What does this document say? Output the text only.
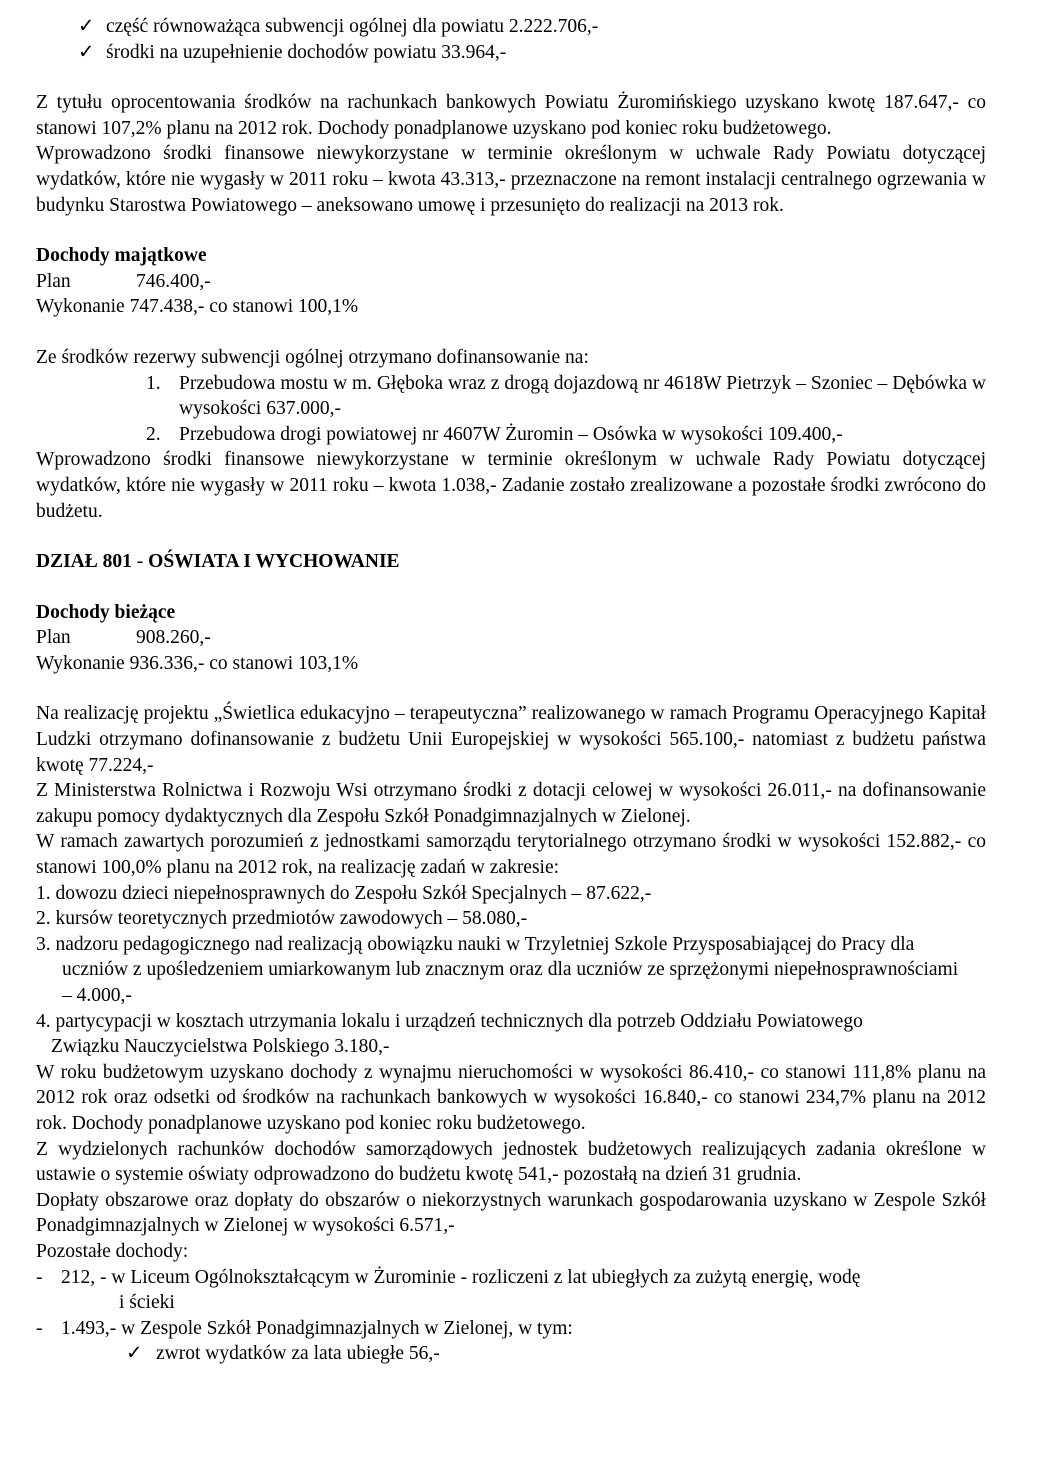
✓ część równoważąca subwencji ogólnej dla powiatu 2.222.706,-
✓ środki na uzupełnienie dochodów powiatu 33.964,-

Z tytułu oprocentowania środków na rachunkach bankowych Powiatu Żuromińskiego uzyskano kwotę 187.647,- co stanowi 107,2% planu na 2012 rok. Dochody ponadplanowe uzyskano pod koniec roku budżetowego.

Wprowadzono środki finansowe niewykorzystane w terminie określonym w uchwale Rady Powiatu dotyczącej wydatków, które nie wygasły w 2011 roku – kwota 43.313,- przeznaczone na remont instalacji centralnego ogrzewania w budynku Starostwa Powiatowego – aneksowano umowę i przesunięto do realizacji na 2013 rok.

Dochody majątkowe

Plan	746.400,-

Wykonanie 747.438,- co stanowi 100,1%

Ze środków rezerwy subwencji ogólnej otrzymano dofinansowanie na:

1. Przebudowa mostu w m. Głęboka wraz z drogą dojazdową nr 4618W Pietrzyk – Szoniec – Dębówka w wysokości 637.000,-
2. Przebudowa drogi powiatowej nr 4607W Żuromin – Osówka w wysokości 109.400,-

Wprowadzono środki finansowe niewykorzystane w terminie określonym w uchwale Rady Powiatu dotyczącej wydatków, które nie wygasły w 2011 roku – kwota 1.038,- Zadanie zostało zrealizowane a pozostałe środki zwrócono do budżetu.

DZIAŁ 801 - OŚWIATA I WYCHOWANIE

Dochody bieżące

Plan	908.260,-

Wykonanie 936.336,- co stanowi 103,1%

Na realizację projektu „Świetlica edukacyjno – terapeutyczna” realizowanego w ramach Programu Operacyjnego Kapitał Ludzki otrzymano dofinansowanie z budżetu Unii Europejskiej w wysokości 565.100,- natomiast z budżetu państwa kwotę 77.224,-

Z Ministerstwa Rolnictwa i Rozwoju Wsi otrzymano środki z dotacji celowej w wysokości 26.011,- na dofinansowanie zakupu pomocy dydaktycznych dla Zespołu Szkół Ponadgimnazjalnych w Zielonej.

W ramach zawartych porozumień z jednostkami samorządu terytorialnego otrzymano środki w wysokości 152.882,- co stanowi 100,0% planu na 2012 rok, na realizację zadań w zakresie:

1. dowozu dzieci niepełnosprawnych do Zespołu Szkół Specjalnych – 87.622,-

2. kursów teoretycznych przedmiotów zawodowych – 58.080,-

3. nadzoru pedagogicznego nad realizacją obowiązku nauki w Trzyletniej Szkole Przysposabiającej do Pracy dla uczniów z upośledzeniem umiarkowanym lub znacznym oraz dla uczniów ze sprzężonymi niepełnosprawnościami – 4.000,-

4. partycypacji w kosztach utrzymania lokalu i urządzeń technicznych dla potrzeb Oddziału Powiatowego Związku Nauczycielstwa Polskiego 3.180,-

W roku budżetowym uzyskano dochody z wynajmu nieruchomości w wysokości 86.410,- co stanowi 111,8% planu na 2012 rok oraz odsetki od środków na rachunkach bankowych w wysokości 16.840,- co stanowi 234,7% planu na 2012 rok. Dochody ponadplanowe uzyskano pod koniec roku budżetowego.

Z wydzielonych rachunków dochodów samorządowych jednostek budżetowych realizujących zadania określone w ustawie o systemie oświaty odprowadzono do budżetu kwotę 541,- pozostałą na dzień 31 grudnia.

Dopłaty obszarowe oraz dopłaty do obszarów o niekorzystnych warunkach gospodarowania uzyskano w Zespole Szkół Ponadgimnazjalnych w Zielonej w wysokości 6.571,-

Pozostałe dochody:

- 212, - w Liceum Ogólnokształcącym w Żurominie - rozliczeni z lat ubiegłych za zużytą energię, wodę
i ścieki
- 1.493,- w Zespole Szkół Ponadgimnazjalnych w Zielonej, w tym:
✓ zwrot wydatków za lata ubiegłe 56,-
